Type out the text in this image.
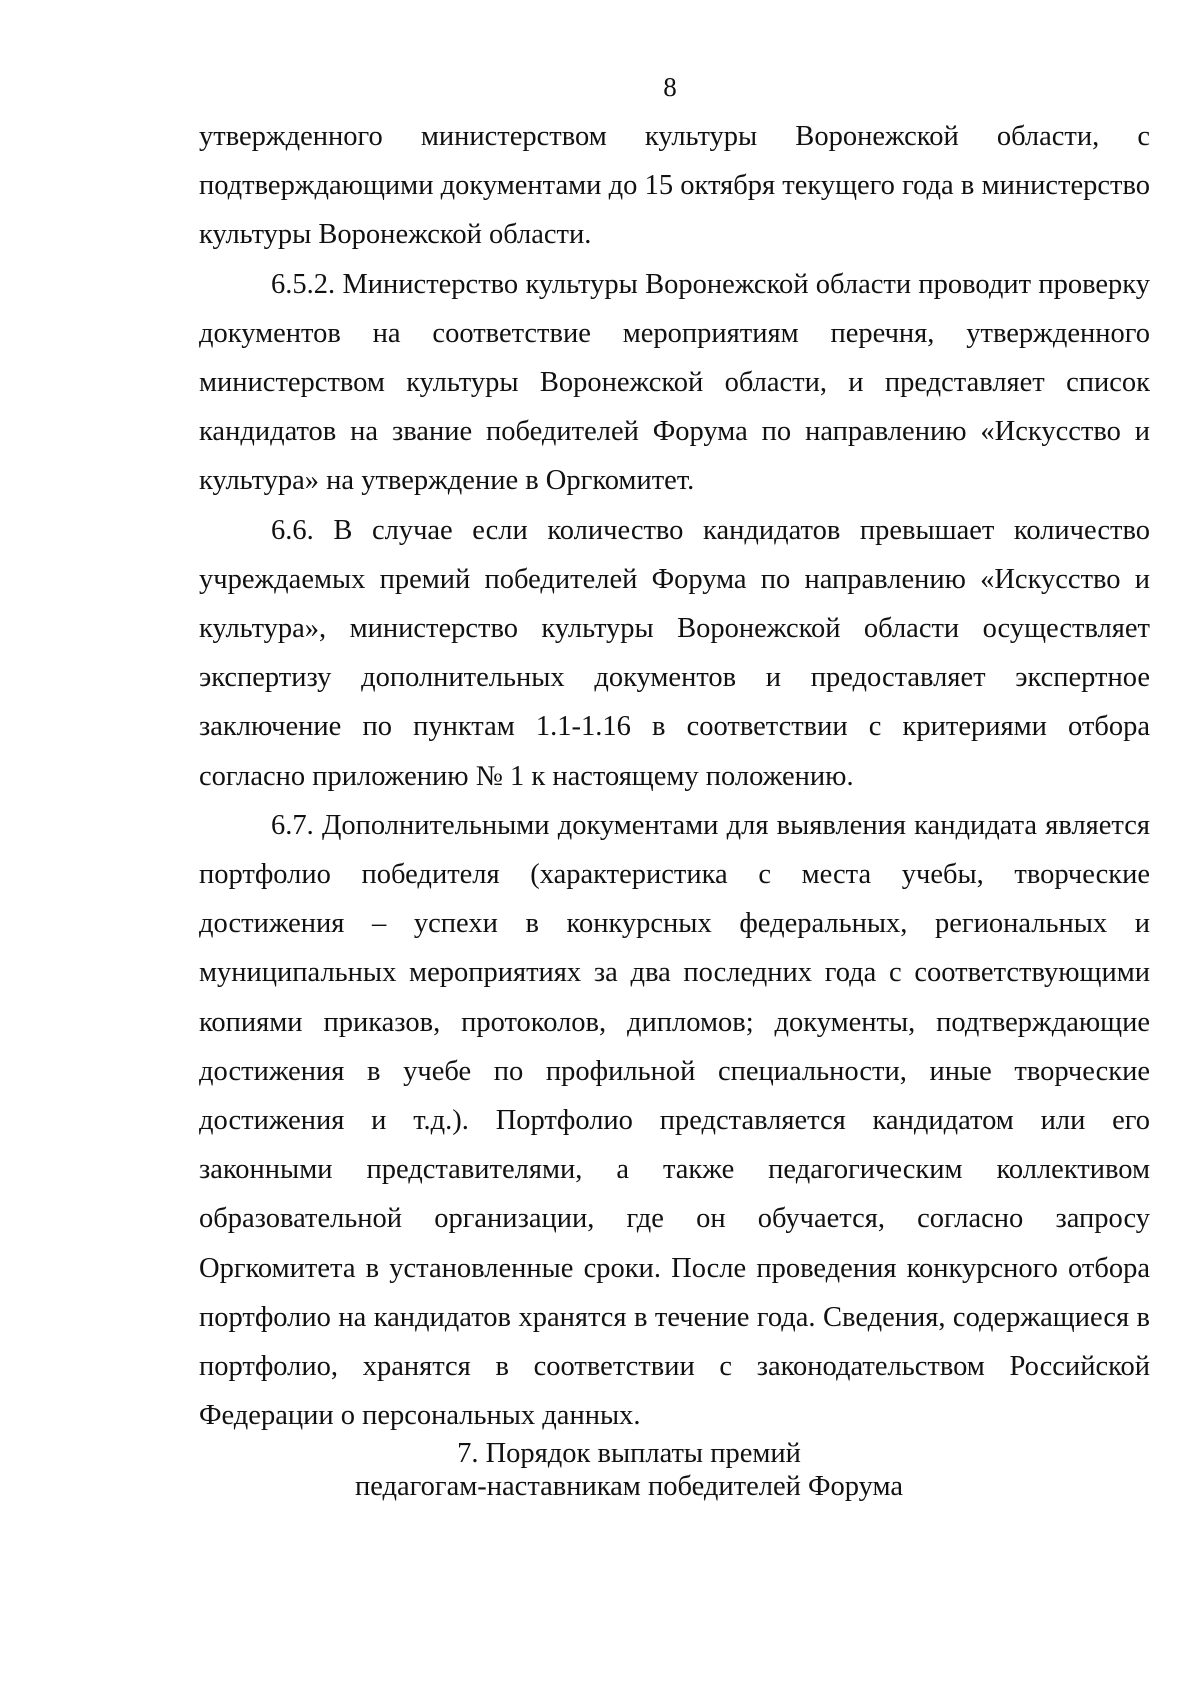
8

утвержденного министерством культуры Воронежской области, с подтверждающими документами до 15 октября текущего года в министерство культуры Воронежской области.

6.5.2. Министерство культуры Воронежской области проводит проверку документов на соответствие мероприятиям перечня, утвержденного министерством культуры Воронежской области, и представляет список кандидатов на звание победителей Форума по направлению «Искусство и культура» на утверждение в Оргкомитет.

6.6. В случае если количество кандидатов превышает количество учреждаемых премий победителей Форума по направлению «Искусство и культура», министерство культуры Воронежской области осуществляет экспертизу дополнительных документов и предоставляет экспертное заключение по пунктам 1.1-1.16 в соответствии с критериями отбора согласно приложению № 1 к настоящему положению.

6.7. Дополнительными документами для выявления кандидата является портфолио победителя (характеристика с места учебы, творческие достижения – успехи в конкурсных федеральных, региональных и муниципальных мероприятиях за два последних года с соответствующими копиями приказов, протоколов, дипломов; документы, подтверждающие достижения в учебе по профильной специальности, иные творческие достижения и т.д.). Портфолио представляется кандидатом или его законными представителями, а также педагогическим коллективом образовательной организации, где он обучается, согласно запросу Оргкомитета в установленные сроки. После проведения конкурсного отбора портфолио на кандидатов хранятся в течение года. Сведения, содержащиеся в портфолио, хранятся в соответствии с законодательством Российской Федерации о персональных данных.

7. Порядок выплаты премий
педагогам-наставникам победителей Форума
